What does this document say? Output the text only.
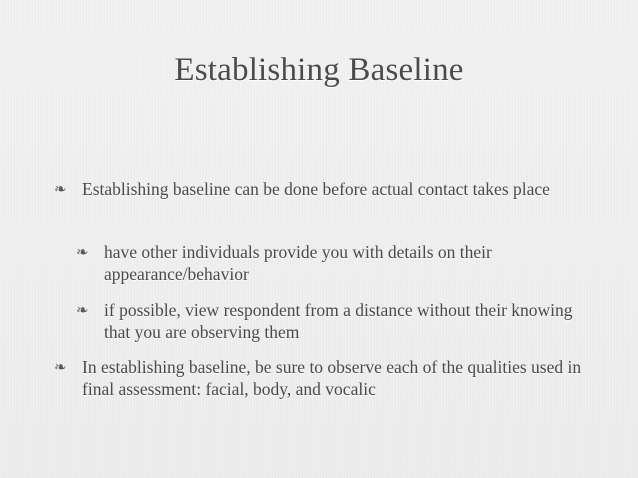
Establishing Baseline
❧ Establishing baseline can be done before actual contact takes place
❧ have other individuals provide you with details on their appearance/behavior
❧ if possible, view respondent from a distance without their knowing that you are observing them
❧ In establishing baseline, be sure to observe each of the qualities used in final assessment: facial, body, and vocalic
